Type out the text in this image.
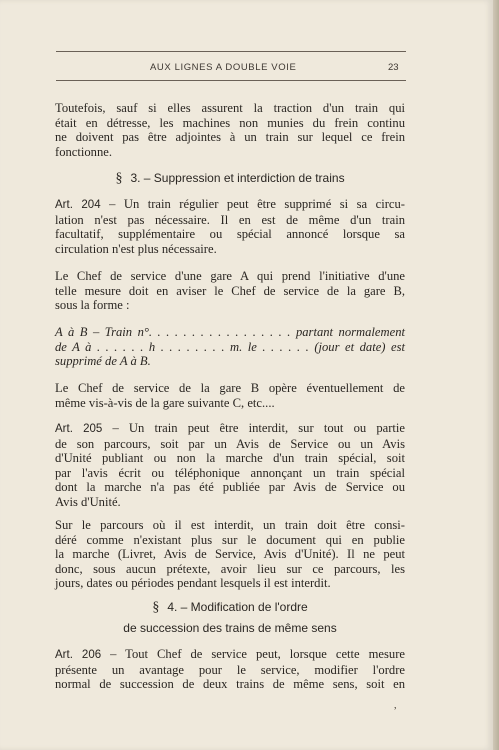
AUX LIGNES A DOUBLE VOIE	23
Toutefois, sauf si elles assurent la traction d'un train qui
était en détresse, les machines non munies du frein continu
ne doivent pas être adjointes à un train sur lequel ce frein
fonctionne.
§ 3. – Suppression et interdiction de trains
Art. 204 – Un train régulier peut être supprimé si sa circu-
lation n'est pas nécessaire. Il en est de même d'un train
facultatif, supplémentaire ou spécial annoncé lorsque sa
circulation n'est plus nécessaire.
Le Chef de service d'une gare A qui prend l'initiative d'une
telle mesure doit en aviser le Chef de service de la gare B,
sous la forme :
A à B – Train n°. . . . . . . . . . . . . . . . . partant normalement
de A à . . . . . . h . . . . . . . . m. le . . . . . . (jour et date) est
supprimé de A à B.
Le Chef de service de la gare B opère éventuellement de
même vis-à-vis de la gare suivante C, etc....
Art. 205 – Un train peut être interdit, sur tout ou partie
de son parcours, soit par un Avis de Service ou un Avis
d'Unité publiant ou non la marche d'un train spécial, soit
par l'avis écrit ou téléphonique annonçant un train spécial
dont la marche n'a pas été publiée par Avis de Service ou
Avis d'Unité.
Sur le parcours où il est interdit, un train doit être consi-
déré comme n'existant plus sur le document qui en publie
la marche (Livret, Avis de Service, Avis d'Unité). Il ne peut
donc, sous aucun prétexte, avoir lieu sur ce parcours, les
jours, dates ou périodes pendant lesquels il est interdit.
§ 4. – Modification de l'ordre
de succession des trains de même sens
Art. 206 – Tout Chef de service peut, lorsque cette mesure
présente un avantage pour le service, modifier l'ordre
normal de succession de deux trains de même sens, soit en
,
